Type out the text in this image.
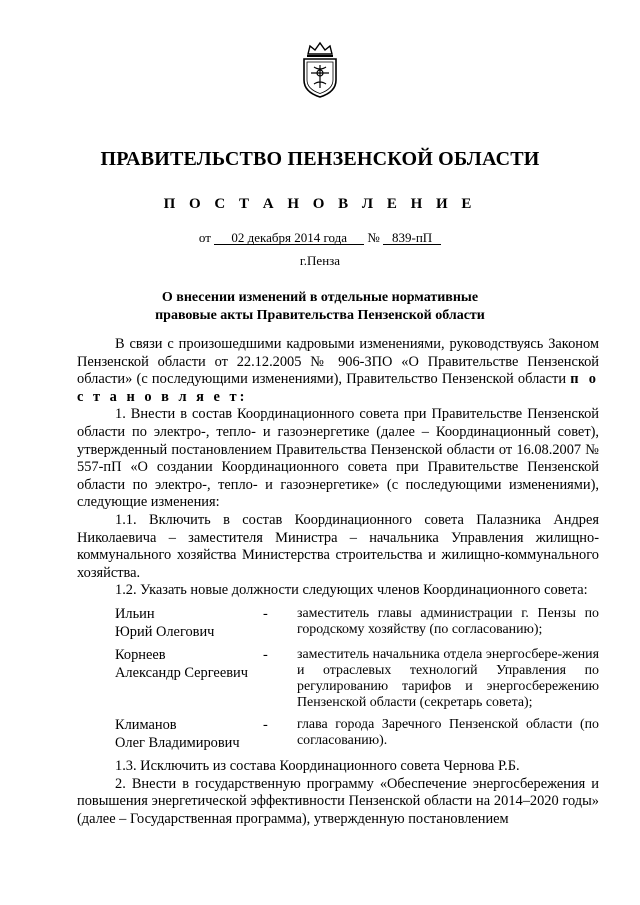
ПРАВИТЕЛЬСТВО ПЕНЗЕНСКОЙ ОБЛАСТИ
П О С Т А Н О В Л Е Н И Е
от 02 декабря 2014 года № 839-пП
г.Пенза
О внесении изменений в отдельные нормативные
правовые акты Правительства Пензенской области

В связи с произошедшими кадровыми изменениями, руководствуясь Законом Пензенской области от 22.12.2005 № 906-ЗПО «О Правительстве Пензенской области» (с последующими изменениями), Правительство Пензенской области п о с т а н о в л я е т:

1. Внести в состав Координационного совета при Правительстве Пензенской области по электро-, тепло- и газоэнергетике (далее – Координационный совет), утвержденный постановлением Правительства Пензенской области от 16.08.2007 № 557-пП «О создании Координационного совета при Правительстве Пензенской области по электро-, тепло- и газоэнергетике» (с последующими изменениями), следующие изменения:

1.1. Включить в состав Координационного совета Палазника Андрея Николаевича – заместителя Министра – начальника Управления жилищно-коммунального хозяйства Министерства строительства и жилищно-коммунального хозяйства.

1.2. Указать новые должности следующих членов Координационного совета:

Ильин
Юрий Олегович
-	заместитель главы администрации г. Пензы по городскому хозяйству (по согласованию);
Корнеев
Александр Сергеевич
-	заместитель начальника отдела энергосбере-жения и отраслевых технологий Управления по регулированию тарифов и энергосбережению Пензенской области (секретарь совета);
Климанов
Олег Владимирович
-	глава города Заречного Пензенской области (по согласованию).

1.3. Исключить из состава Координационного совета Чернова Р.Б.

2. Внести в государственную программу «Обеспечение энергосбережения и повышения энергетической эффективности Пензенской области на 2014–2020 годы» (далее – Государственная программа), утвержденную постановлением
